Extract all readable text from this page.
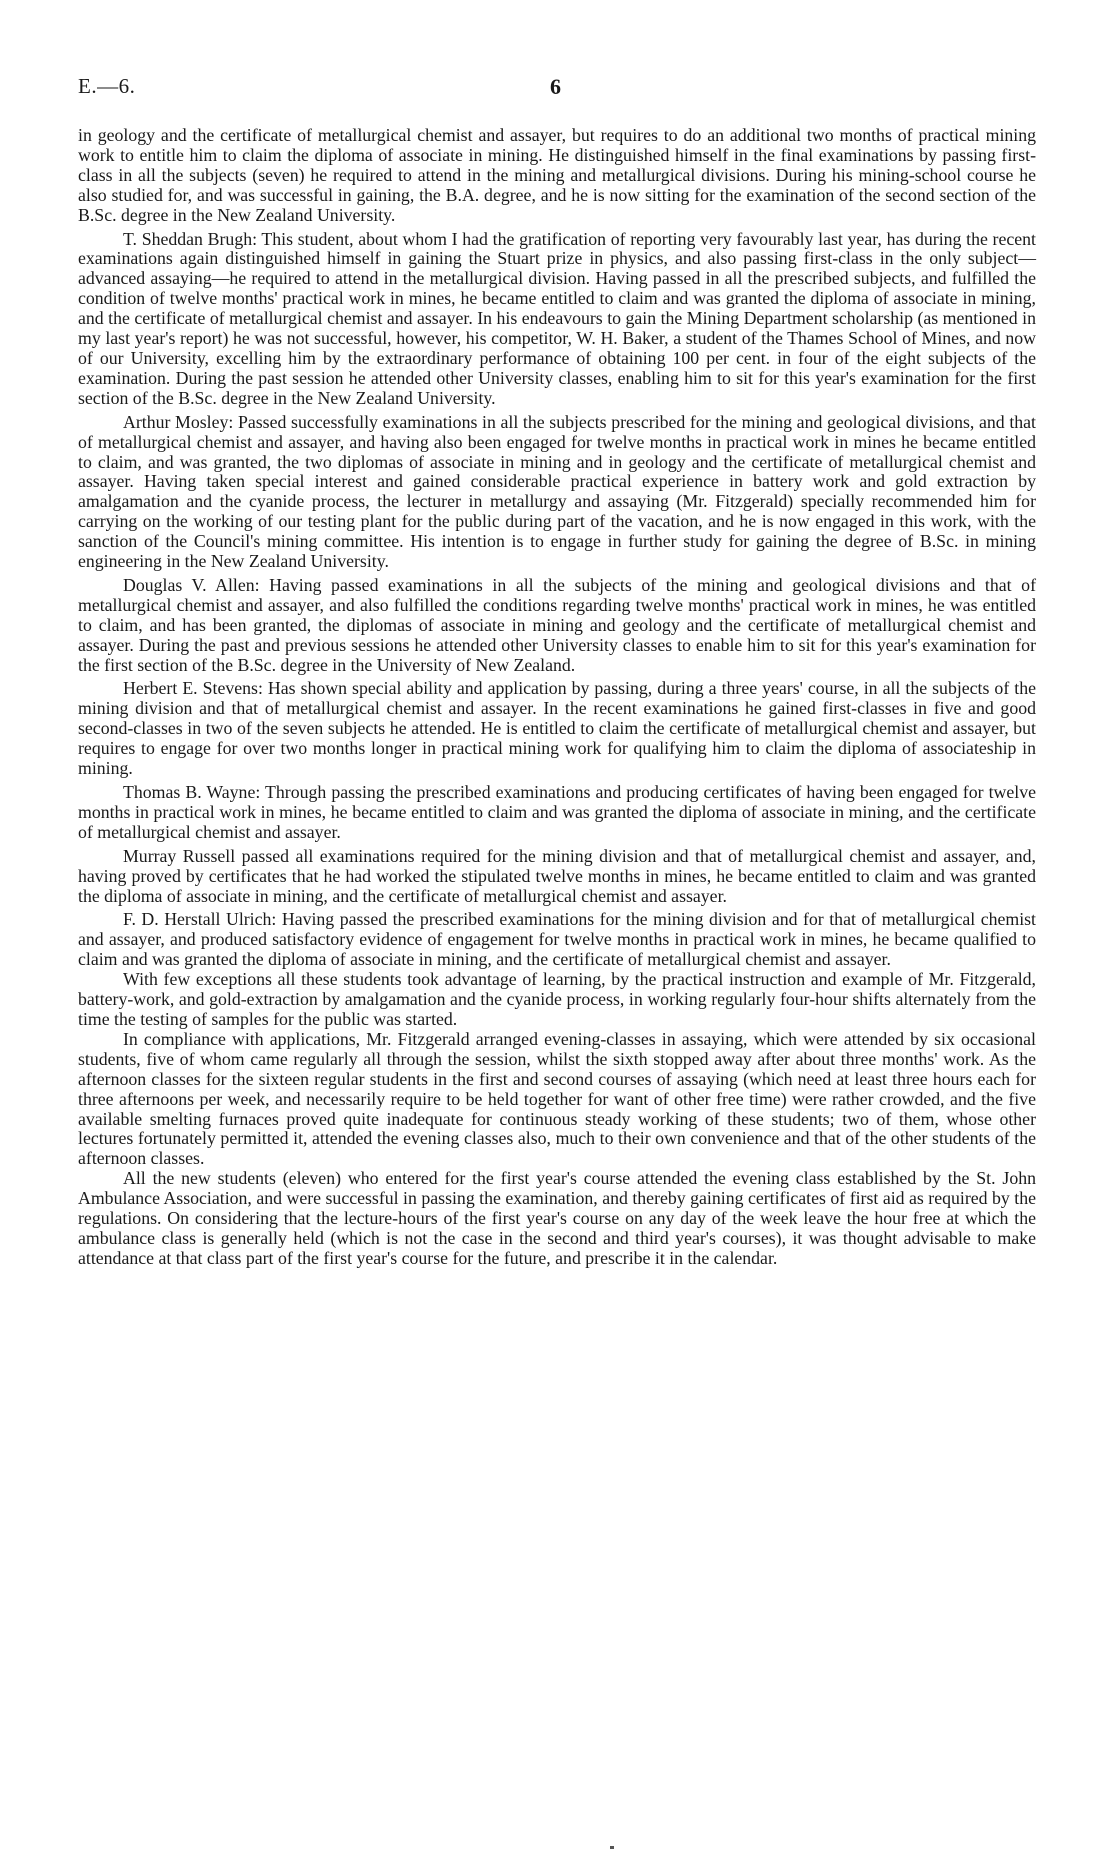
E.—6.	6

in geology and the certificate of metallurgical chemist and assayer, but requires to do an additional two months of practical mining work to entitle him to claim the diploma of associate in mining. He distinguished himself in the final examinations by passing first-class in all the subjects (seven) he required to attend in the mining and metallurgical divisions. During his mining-school course he also studied for, and was successful in gaining, the B.A. degree, and he is now sitting for the examination of the second section of the B.Sc. degree in the New Zealand University.

T. Sheddan Brugh: This student, about whom I had the gratification of reporting very favourably last year, has during the recent examinations again distinguished himself in gaining the Stuart prize in physics, and also passing first-class in the only subject—advanced assaying—he required to attend in the metallurgical division. Having passed in all the prescribed subjects, and fulfilled the condition of twelve months' practical work in mines, he became entitled to claim and was granted the diploma of associate in mining, and the certificate of metallurgical chemist and assayer. In his endeavours to gain the Mining Department scholarship (as mentioned in my last year's report) he was not successful, however, his competitor, W. H. Baker, a student of the Thames School of Mines, and now of our University, excelling him by the extraordinary performance of obtaining 100 per cent. in four of the eight subjects of the examination. During the past session he attended other University classes, enabling him to sit for this year's examination for the first section of the B.Sc. degree in the New Zealand University.

Arthur Mosley: Passed successfully examinations in all the subjects prescribed for the mining and geological divisions, and that of metallurgical chemist and assayer, and having also been engaged for twelve months in practical work in mines he became entitled to claim, and was granted, the two diplomas of associate in mining and in geology and the certificate of metallurgical chemist and assayer. Having taken special interest and gained considerable practical experience in battery work and gold extraction by amalgamation and the cyanide process, the lecturer in metallurgy and assaying (Mr. Fitzgerald) specially recommended him for carrying on the working of our testing plant for the public during part of the vacation, and he is now engaged in this work, with the sanction of the Council's mining committee. His intention is to engage in further study for gaining the degree of B.Sc. in mining engineering in the New Zealand University.

Douglas V. Allen: Having passed examinations in all the subjects of the mining and geological divisions and that of metallurgical chemist and assayer, and also fulfilled the conditions regarding twelve months' practical work in mines, he was entitled to claim, and has been granted, the diplomas of associate in mining and geology and the certificate of metallurgical chemist and assayer. During the past and previous sessions he attended other University classes to enable him to sit for this year's examination for the first section of the B.Sc. degree in the University of New Zealand.

Herbert E. Stevens: Has shown special ability and application by passing, during a three years' course, in all the subjects of the mining division and that of metallurgical chemist and assayer. In the recent examinations he gained first-classes in five and good second-classes in two of the seven subjects he attended. He is entitled to claim the certificate of metallurgical chemist and assayer, but requires to engage for over two months longer in practical mining work for qualifying him to claim the diploma of associateship in mining.

Thomas B. Wayne: Through passing the prescribed examinations and producing certificates of having been engaged for twelve months in practical work in mines, he became entitled to claim and was granted the diploma of associate in mining, and the certificate of metallurgical chemist and assayer.

Murray Russell passed all examinations required for the mining division and that of metallurgical chemist and assayer, and, having proved by certificates that he had worked the stipulated twelve months in mines, he became entitled to claim and was granted the diploma of associate in mining, and the certificate of metallurgical chemist and assayer.

F. D. Herstall Ulrich: Having passed the prescribed examinations for the mining division and for that of metallurgical chemist and assayer, and produced satisfactory evidence of engagement for twelve months in practical work in mines, he became qualified to claim and was granted the diploma of associate in mining, and the certificate of metallurgical chemist and assayer.

With few exceptions all these students took advantage of learning, by the practical instruction and example of Mr. Fitzgerald, battery-work, and gold-extraction by amalgamation and the cyanide process, in working regularly four-hour shifts alternately from the time the testing of samples for the public was started.

In compliance with applications, Mr. Fitzgerald arranged evening-classes in assaying, which were attended by six occasional students, five of whom came regularly all through the session, whilst the sixth stopped away after about three months' work. As the afternoon classes for the sixteen regular students in the first and second courses of assaying (which need at least three hours each for three afternoons per week, and necessarily require to be held together for want of other free time) were rather crowded, and the five available smelting furnaces proved quite inadequate for continuous steady working of these students; two of them, whose other lectures fortunately permitted it, attended the evening classes also, much to their own convenience and that of the other students of the afternoon classes.

All the new students (eleven) who entered for the first year's course attended the evening class established by the St. John Ambulance Association, and were successful in passing the examination, and thereby gaining certificates of first aid as required by the regulations. On considering that the lecture-hours of the first year's course on any day of the week leave the hour free at which the ambulance class is generally held (which is not the case in the second and third year's courses), it was thought advisable to make attendance at that class part of the first year's course for the future, and prescribe it in the calendar.
